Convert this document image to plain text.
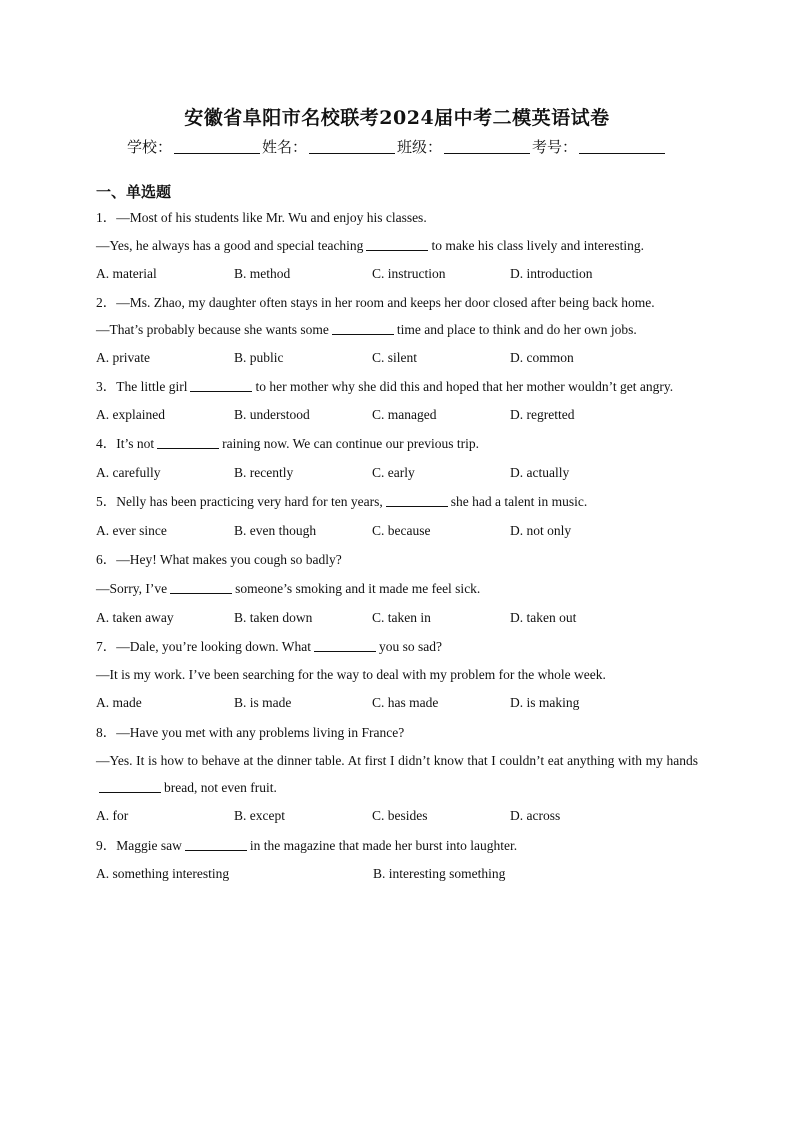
安徽省阜阳市名校联考2024届中考二模英语试卷
学校：	姓名：	班级：	考号：
一、单选题
1．—Most of his students like Mr. Wu and enjoy his classes.
—Yes, he always has a good and special teaching	to make his class lively and interesting.
A. material	B. method	C. instruction	D. introduction
2．—Ms. Zhao, my daughter often stays in her room and keeps her door closed after being back home.
—That’s probably because she wants some	time and place to think and do her own jobs.
A. private	B. public	C. silent	D. common
3．The little girl	to her mother why she did this and hoped that her mother wouldn’t get angry.
A. explained	B. understood	C. managed	D. regretted
4．It’s not	raining now. We can continue our previous trip.
A. carefully	B. recently	C. early	D. actually
5．Nelly has been practicing very hard for ten years,	she had a talent in music.
A. ever since	B. even though	C. because	D. not only
6．—Hey! What makes you cough so badly?
—Sorry, I’ve	someone’s smoking and it made me feel sick.
A. taken away	B. taken down	C. taken in	D. taken out
7．—Dale, you’re looking down. What	you so sad?
—It is my work. I’ve been searching for the way to deal with my problem for the whole week.
A. made	B. is made	C. has made	D. is making
8．—Have you met with any problems living in France?
—Yes. It is how to behave at the dinner table. At first I didn’t know that I couldn’t eat anything with my handsbread, not even fruit.
A. for	B. except	C. besides	D. across
9．Maggie saw	in the magazine that made her burst into laughter.
A. something interesting	B. interesting something
